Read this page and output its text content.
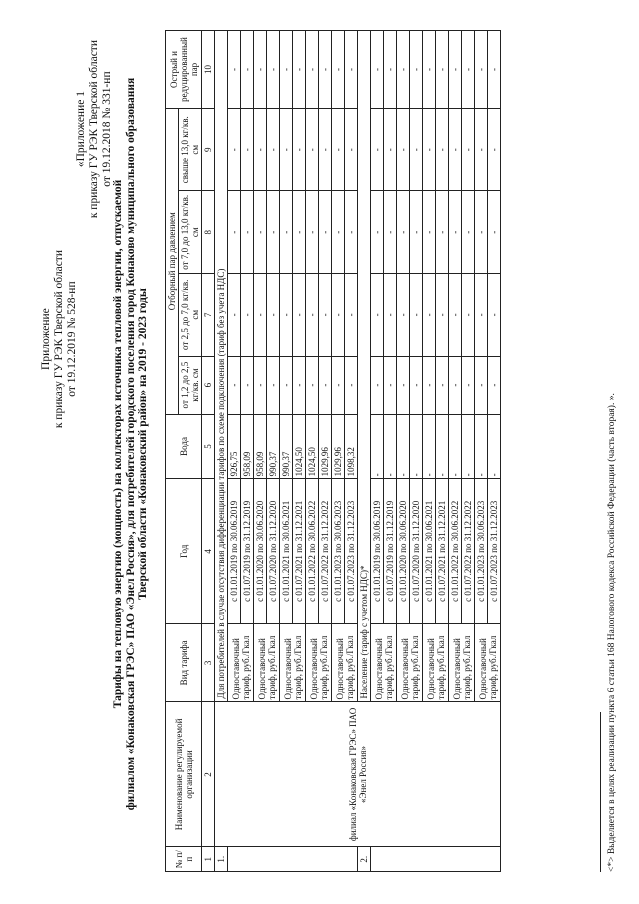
Приложение к приказу ГУ РЭК Тверской области от 19.12.2019 № 528-нп
«Приложение 1 к приказу ГУ РЭК Тверской области от 19.12.2018 № 331-нп
Тарифы на тепловую энергию (мощность) на коллекторах источника тепловой энергии, отпускаемой филиалом «Конаковская ГРЭС» ПАО «Энел Россия», для потребителей городского поселения город Конаково муниципального образования Тверской области «Конаковский район» на 2019 - 2023 годы
№ п/п	Наименование регулируемой организации	Вид тарифа	Год	Вода	Отборный пар давлением				Острый и редуцированный пар
					от 1,2 до 2,5 кг/кв. см	от 2,5 до 7,0 кг/кв. см	от 7,0 до 13,0 кг/кв. см	свыше 13,0 кг/кв. см	
1	2	3	4	5	6	7	8	9	10
1.	филиал «Конаковская ГРЭС» ПАО «Энел Россия»	Для потребителей в случае отсутствия дифференциации тарифов по схеме подключения (тариф без учета НДС)							
		Одноставочный тариф, руб./Гкал	с 01.01.2019 по 30.06.2019	926,75	-	-	-	-	-
			с 01.07.2019 по 31.12.2019	958,09	-	-	-	-	-
		Одноставочный тариф, руб./Гкал	с 01.01.2020 по 30.06.2020	958,09	-	-	-	-	-
			с 01.07.2020 по 31.12.2020	990,37	-	-	-	-	-
		Одноставочный тариф, руб./Гкал	с 01.01.2021 по 30.06.2021	990,37	-	-	-	-	-
			с 01.07.2021 по 31.12.2021	1024,50	-	-	-	-	-
		Одноставочный тариф, руб./Гкал	с 01.01.2022 по 30.06.2022	1024,50	-	-	-	-	-
			с 01.07.2022 по 31.12.2022	1029,96	-	-	-	-	-
		Одноставочный тариф, руб./Гкал	с 01.01.2023 по 30.06.2023	1029,96	-	-	-	-	-
			с 01.07.2023 по 31.12.2023	1098,32	-	-	-	-	-
2.		Население (тариф с учетом НДС)*							
		Одноставочный тариф, руб./Гкал	с 01.01.2019 по 30.06.2019	-	-	-	-	-	-
			с 01.07.2019 по 31.12.2019	-	-	-	-	-	-
		Одноставочный тариф, руб./Гкал	с 01.01.2020 по 30.06.2020	-	-	-	-	-	-
			с 01.07.2020 по 31.12.2020	-	-	-	-	-	-
		Одноставочный тариф, руб./Гкал	с 01.01.2021 по 30.06.2021	-	-	-	-	-	-
			с 01.07.2021 по 31.12.2021	-	-	-	-	-	-
		Одноставочный тариф, руб./Гкал	с 01.01.2022 по 30.06.2022	-	-	-	-	-	-
			с 01.07.2022 по 31.12.2022	-	-	-	-	-	-
		Одноставочный тариф, руб./Гкал	с 01.01.2023 по 30.06.2023	-	-	-	-	-	-
			с 01.07.2023 по 31.12.2023	-	-	-	-	-	-
<*> Выделяется в целях реализации пункта 6 статьи 168 Налогового кодекса Российской Федерации (часть вторая). ».
